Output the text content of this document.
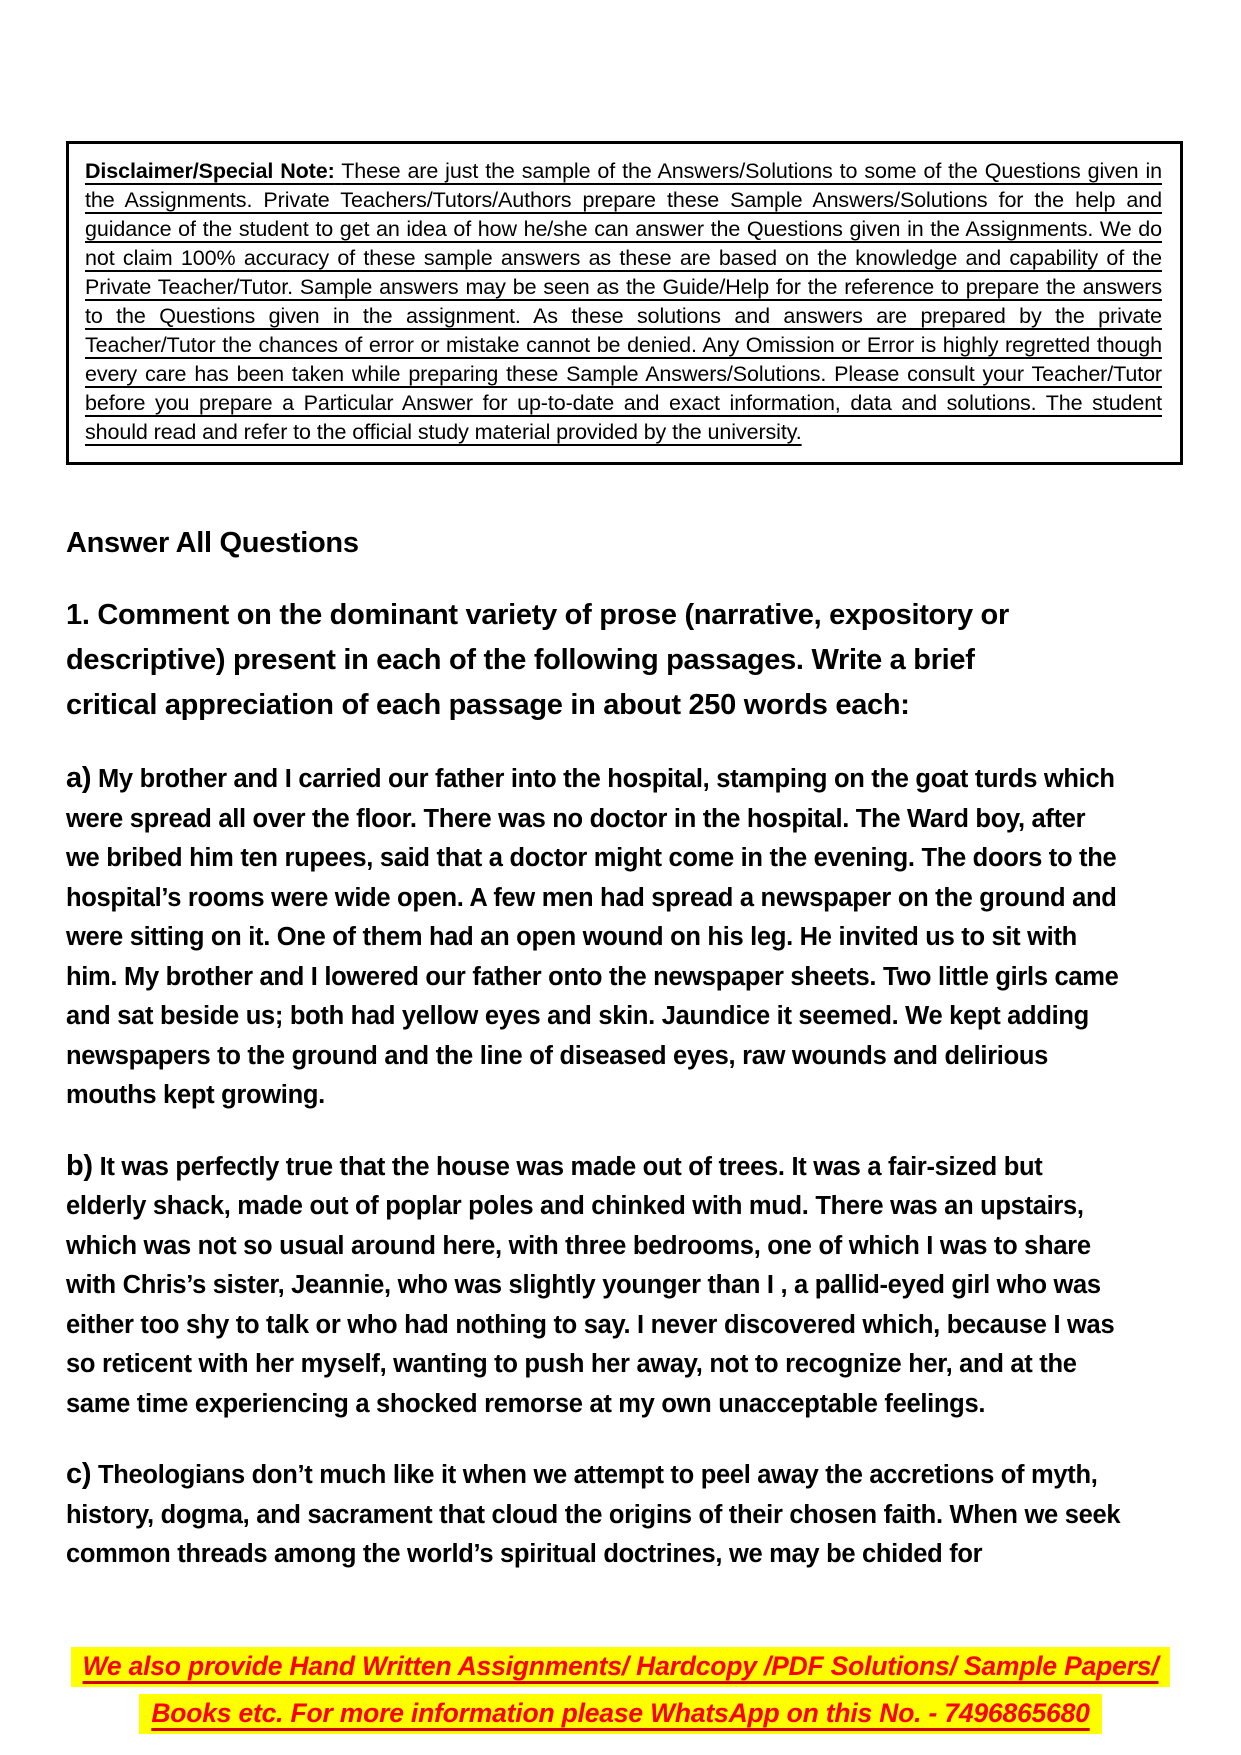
Disclaimer/Special Note: These are just the sample of the Answers/Solutions to some of the Questions given in the Assignments. Private Teachers/Tutors/Authors prepare these Sample Answers/Solutions for the help and guidance of the student to get an idea of how he/she can answer the Questions given in the Assignments. We do not claim 100% accuracy of these sample answers as these are based on the knowledge and capability of the Private Teacher/Tutor. Sample answers may be seen as the Guide/Help for the reference to prepare the answers to the Questions given in the assignment. As these solutions and answers are prepared by the private Teacher/Tutor the chances of error or mistake cannot be denied. Any Omission or Error is highly regretted though every care has been taken while preparing these Sample Answers/Solutions. Please consult your Teacher/Tutor before you prepare a Particular Answer for up-to-date and exact information, data and solutions. The student should read and refer to the official study material provided by the university.

Answer All Questions
1. Comment on the dominant variety of prose (narrative, expository or descriptive) present in each of the following passages. Write a brief critical appreciation of each passage in about 250 words each:

a) My brother and I carried our father into the hospital, stamping on the goat turds which were spread all over the floor. There was no doctor in the hospital. The Ward boy, after we bribed him ten rupees, said that a doctor might come in the evening. The doors to the hospital’s rooms were wide open. A few men had spread a newspaper on the ground and were sitting on it. One of them had an open wound on his leg. He invited us to sit with him. My brother and I lowered our father onto the newspaper sheets. Two little girls came and sat beside us; both had yellow eyes and skin. Jaundice it seemed. We kept adding newspapers to the ground and the line of diseased eyes, raw wounds and delirious mouths kept growing.

b) It was perfectly true that the house was made out of trees. It was a fair-sized but elderly shack, made out of poplar poles and chinked with mud. There was an upstairs, which was not so usual around here, with three bedrooms, one of which I was to share with Chris’s sister, Jeannie, who was slightly younger than I , a pallid-eyed girl who was either too shy to talk or who had nothing to say. I never discovered which, because I was so reticent with her myself, wanting to push her away, not to recognize her, and at the same time experiencing a shocked remorse at my own unacceptable feelings.

c) Theologians don’t much like it when we attempt to peel away the accretions of myth, history, dogma, and sacrament that cloud the origins of their chosen faith. When we seek common threads among the world’s spiritual doctrines, we may be chided for

We also provide Hand Written Assignments/ Hardcopy /PDF Solutions/ Sample Papers/
Books etc. For more information please WhatsApp on this No. - 7496865680
